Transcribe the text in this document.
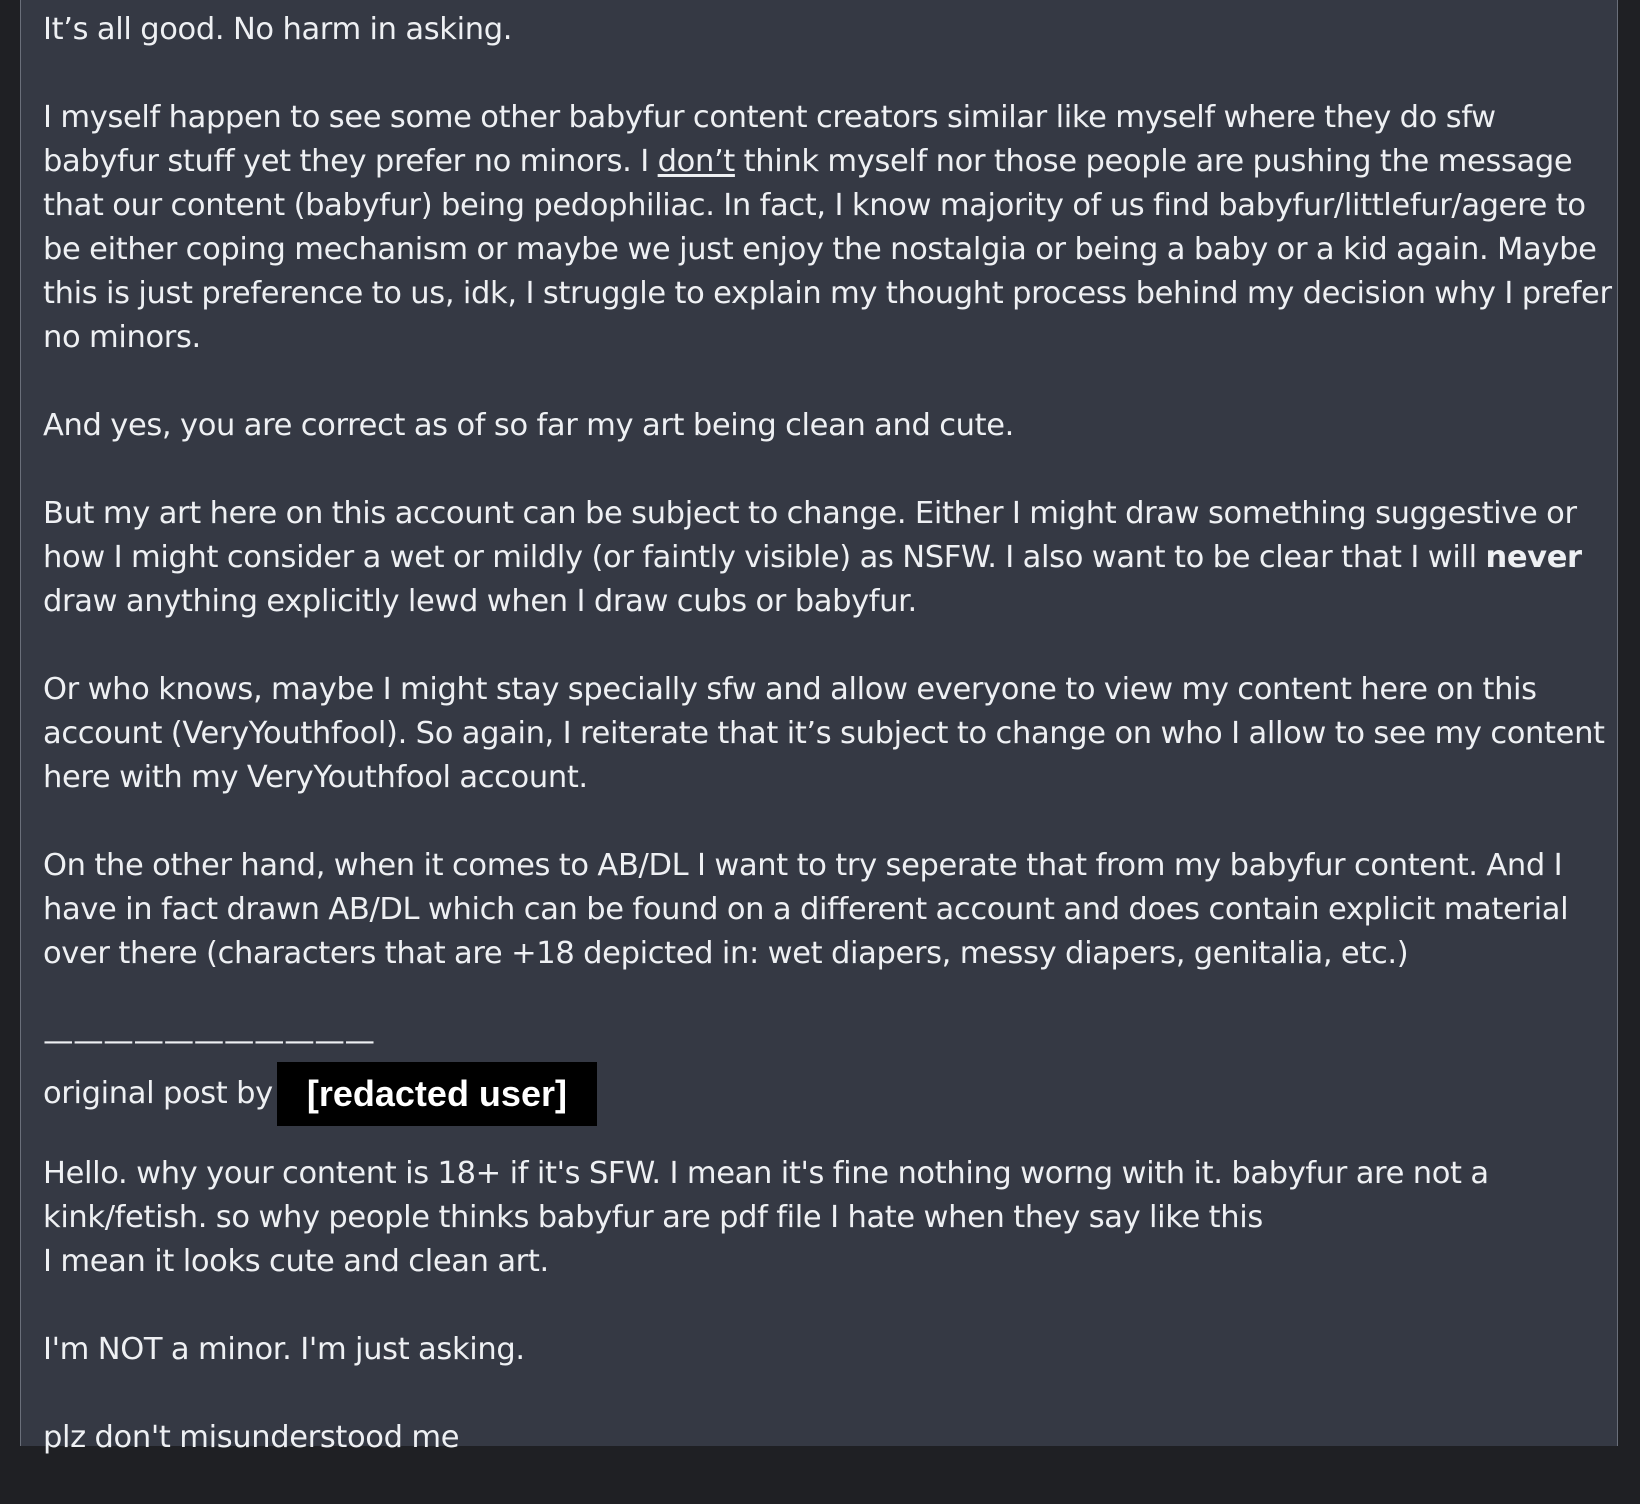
It’s all good. No harm in asking.

I myself happen to see some other babyfur content creators similar like myself where they do sfw babyfur stuff yet they prefer no minors. I don’t think myself nor those people are pushing the message that our content (babyfur) being pedophiliac. In fact, I know majority of us find babyfur/littlefur/agere to be either coping mechanism or maybe we just enjoy the nostalgia or being a baby or a kid again. Maybe this is just preference to us, idk, I struggle to explain my thought process behind my decision why I prefer no minors.

And yes, you are correct as of so far my art being clean and cute.

But my art here on this account can be subject to change. Either I might draw something suggestive or how I might consider a wet or mildly (or faintly visible) as NSFW. I also want to be clear that I will never draw anything explicitly lewd when I draw cubs or babyfur.

Or who knows, maybe I might stay specially sfw and allow everyone to view my content here on this account (VeryYouthfool). So again, I reiterate that it’s subject to change on who I allow to see my content here with my VeryYouthfool account.

On the other hand, when it comes to AB/DL I want to try seperate that from my babyfur content. And I have in fact drawn AB/DL which can be found on a different account and does contain explicit material over there (characters that are +18 depicted in: wet diapers, messy diapers, genitalia, etc.)

———————————
original post by [redacted user]

Hello. why your content is 18+ if it's SFW. I mean it's fine nothing worng with it. babyfur are not a kink/fetish. so why people thinks babyfur are pdf file I hate when they say like this
I mean it looks cute and clean art.

I'm NOT a minor. I'm just asking.

plz don't misunderstood me
